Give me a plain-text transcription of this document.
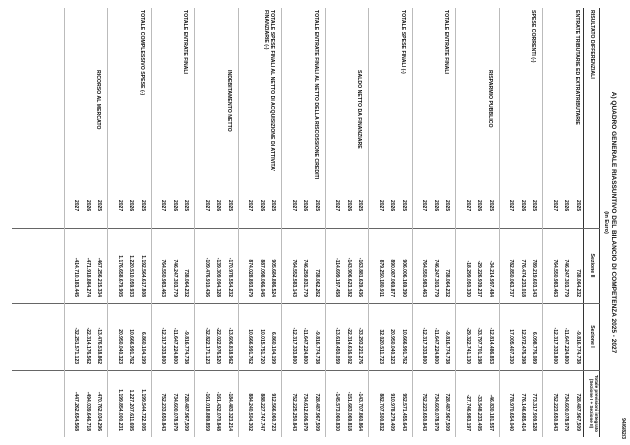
A) QUADRO GENERALE RIASSUNTIVO DEL BILANCIO DI COMPETENZA 2025 - 2027
(in Euro)
94/6/82/3
RISULTATO DIFFERENZIALI
Sezione II
Sezione I
Totale previsioni integrato (Sezione I + Sezione II)
ENTRATE TRIBUTARIE ED EXTRATRIBUTARIE
2025
738.064.232
-9.816.774.738
728.487.967,509
2026
746.247.303.779
-11.647.224.800
734.600.078.979
2027
764.550.983.463
-12.317.333.800
752.223.650.843
SPESE CORRENTI (-)
2025
789.219.603.143
6.098.776.089
773.317.909.528
2026
776.474.233.018
12.972.476.398
776.146.685.414
2027
782.850.063.737
17.005.407.330
778.970.654.040
RISPARMIO PUBBLICO
2025
-34.214.997.484
-12.814.486.853
-46.830.181.557
2026
-29.226.939.237
-33.797.701.198
-33.548.233.405
2027
-18.299.050.330
-29.322.741.130
-27.746.983.197
TOTALE ENTRATE FINALI
2025
738.064.232
-9.816.774.738
728.487.967,509
2026
746.247.303.779
-11.647.224.800
734.600.078.979
2027
764.550.983.463
-12.317.333.800
752.223.650.843
TOTALE SPESE FINALI (-)
2025
906.006.169.390
10.666.991.762
952.571.455.643
2026
890.087.069.877
20.950.040.323
910.978.279.409
2027
879.250.180.911
32.020.511.723
882.707.500.832
SALDO NETTO DA FINANZIARE
2025
-163.881.639.436
-33.293.221.276
-143.707.860.864
2026
-143.906.623.182
-22.314.616.002
-151.683.069.818
2027
-114.699.197.458
-13.618.450.059
-145.573.060.830
TOTALE ENTRATE FINALI AL NETTO DELLA RISCOSSIONE CREDITI
2025
738.062.262
-9.816.774.738
728.487.967,509
2026
746.259.831.779
-11.647.224.800
734.612.606.979
2027
764.552.583.143
-12.317.333.800
752.225.250.843
TOTALE SPESE FINALI AL NETTO DI ACQUISIZIONE DI ATTIVITA' FINANZIARIE (-)
2025
905.684.886.524
6.860.104.199
912.566.060.723
2026
887.098.066.045
10.015.751.720
888.227.747.747
2027
874.028.893.679
10.666.991.762
884.240.504.302
INDEBITAMENTO NETTO
2025
-170.978.554.232
-13.606.818.962
-184.483.323.214
2026
-139.309.094.328
-22.022.976.520
-161.432.070.848
2027
-109.476.910.436
-32.822.171.123
-161.018.889.859
TOTALE ENTRATE FINALI
2025
738.064.232
-9.816.774.738
728.487.967,509
2026
746.247.303.779
-11.647.224.800
734.600.078.979
2027
764.550.983.463
-12.317.333.800
752.233.650.843
TOTALE COMPLESSIVO SPESE (-)
2025
1.192.564.617.808
6.860.104.199
1.199.544.722.005
2026
1.220.510.059.933
10.666.991.762
1.227.207.611.695
2027
1.176.658.679.905
20.950.040.323
1.199.854.000.231
RICORSO AL MERCATO
2025
-467.256.215.334
-13.476.518.862
-470.762.034.296
2026
-471.918.884.274
-22.314.176.562
-494.039.646.718
2027
-414.710.183.445
-32.251.571.123
-447.262.654.568
